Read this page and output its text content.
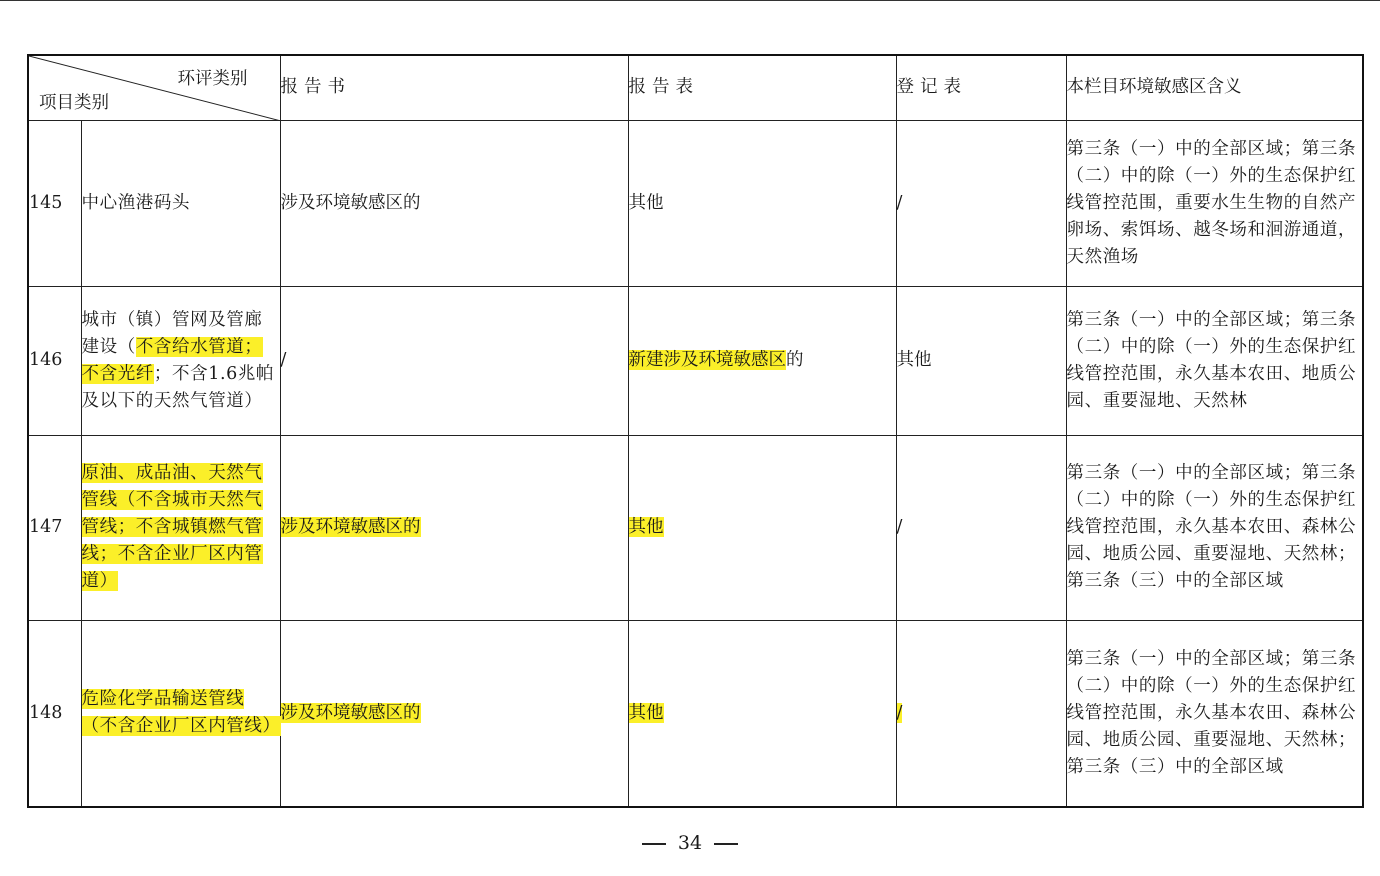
环评类别
项目类别		报告书	报告表	登记表	本栏目环境敏感区含义
145	中心渔港码头	涉及环境敏感区的	其他	/	第三条（一）中的全部区域；第三条（二）中的除（一）外的生态保护红线管控范围，重要水生生物的自然产卵场、索饵场、越冬场和洄游通道，天然渔场
146	城市（镇）管网及管廊建设（不含给水管道；不含光纤；不含1.6兆帕及以下的天然气管道）	/	新建涉及环境敏感区的	其他	第三条（一）中的全部区域；第三条（二）中的除（一）外的生态保护红线管控范围，永久基本农田、地质公园、重要湿地、天然林
147	原油、成品油、天然气管线（不含城市天然气管线；不含城镇燃气管线；不含企业厂区内管道）	涉及环境敏感区的	其他	/	第三条（一）中的全部区域；第三条（二）中的除（一）外的生态保护红线管控范围，永久基本农田、森林公园、地质公园、重要湿地、天然林；第三条（三）中的全部区域
148	危险化学品输送管线（不含企业厂区内管线）	涉及环境敏感区的	其他	/	第三条（一）中的全部区域；第三条（二）中的除（一）外的生态保护红线管控范围，永久基本农田、森林公园、地质公园、重要湿地、天然林；第三条（三）中的全部区域
34
